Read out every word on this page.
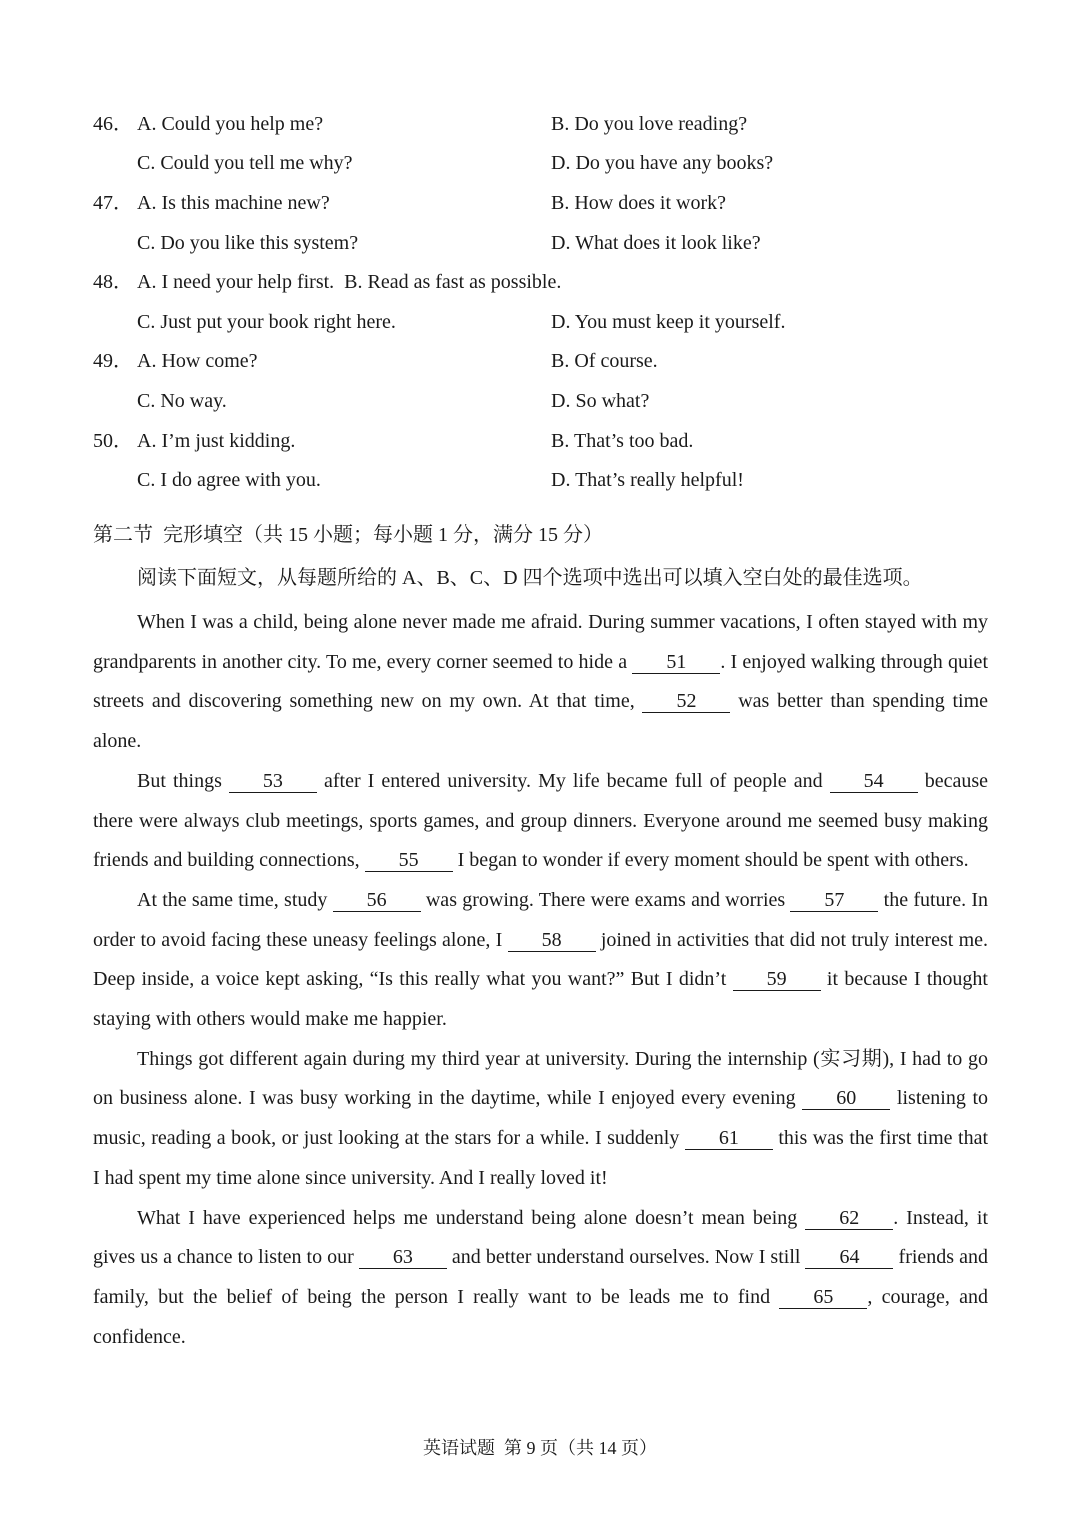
46． A. Could you help me?	B. Do you love reading?
C. Could you tell me why?	D. Do you have any books?
47． A. Is this machine new?	B. How does it work?
C. Do you like this system?	D. What does it look like?
48． A. I need your help first.  B. Read as fast as possible.
C. Just put your book right here.	D. You must keep it yourself.
49． A. How come?	B. Of course.
C. No way.	D. So what?
50． A. I’m just kidding.	B. That’s too bad.
C. I do agree with you.	D. That’s really helpful!
第二节  完形填空（共 15 小题；每小题 1 分，满分 15 分）
阅读下面短文，从每题所给的 A、B、C、D 四个选项中选出可以填入空白处的最佳选项。

When I was a child, being alone never made me afraid. During summer vacations, I often stayed with my grandparents in another city. To me, every corner seemed to hide a 51 . I enjoyed walking through quiet streets and discovering something new on my own. At that time, 52 was better than spending time alone.

But things 53 after I entered university. My life became full of people and 54 because there were always club meetings, sports games, and group dinners. Everyone around me seemed busy making friends and building connections, 55 I began to wonder if every moment should be spent with others.

At the same time, study 56 was growing. There were exams and worries 57 the future. In order to avoid facing these uneasy feelings alone, I 58 joined in activities that did not truly interest me. Deep inside, a voice kept asking, “Is this really what you want?” But I didn’t 59 it because I thought staying with others would make me happier.

Things got different again during my third year at university. During the internship (实习期), I had to go on business alone. I was busy working in the daytime, while I enjoyed every evening 60 listening to music, reading a book, or just looking at the stars for a while. I suddenly 61 this was the first time that I had spent my time alone since university. And I really loved it!

What I have experienced helps me understand being alone doesn’t mean being 62 . Instead, it gives us a chance to listen to our 63 and better understand ourselves. Now I still 64 friends and family, but the belief of being the person I really want to be leads me to find 65 , courage, and confidence.

英语试题  第 9 页（共 14 页）
